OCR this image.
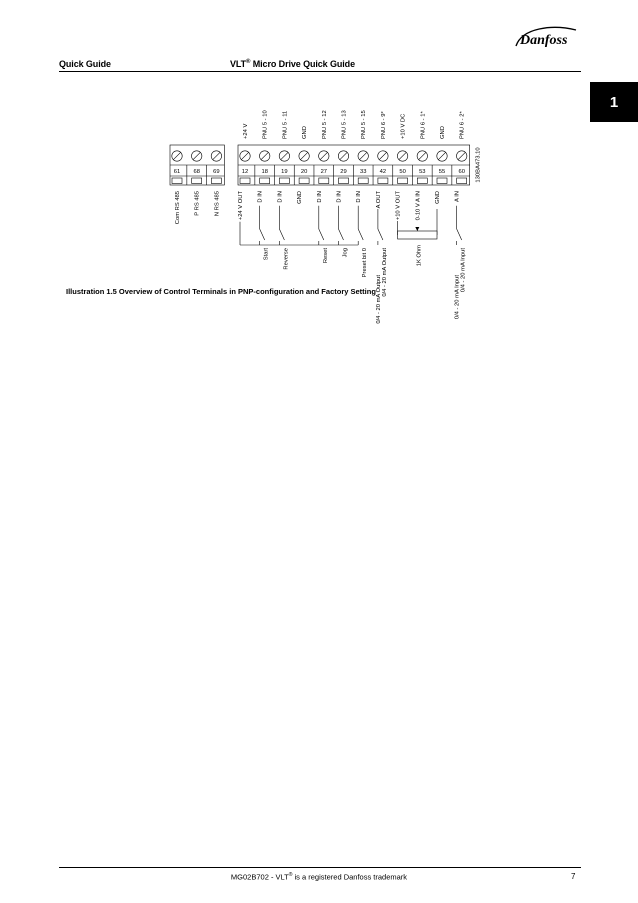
Danfoss
Quick Guide	VLT® Micro Drive Quick Guide
1
61 68 69
Com RS 485 P RS 485 N RS 485
12
+24 V
18
PNU 5 - 10
19
PNU 5 - 11
20
GND
27
PNU 5 - 12
29
PNU 5 - 13
33
PNU 5 - 15
42
PNU 6 - 9*
50
+10 V DC
53
PNU 6 - 1*
55
GND
60
PNU 6 - 2*
+24 V OUT D IN
Start
D IN
Reverse
GND D IN
Reset
D IN
Jog
D IN
Preset bit 0
A OUT
0/4 - 20 mA Output
+10 V OUT 0-10 V A IN GND A IN
0/4 - 20 mA Input
1K Ohm
0/4 - 20 mA Output	0/4 - 20 mA Input
130BA473.10
Illustration 1.5 Overview of Control Terminals in PNP-configuration and Factory Setting
MG02B702 - VLT® is a registered Danfoss trademark	7
